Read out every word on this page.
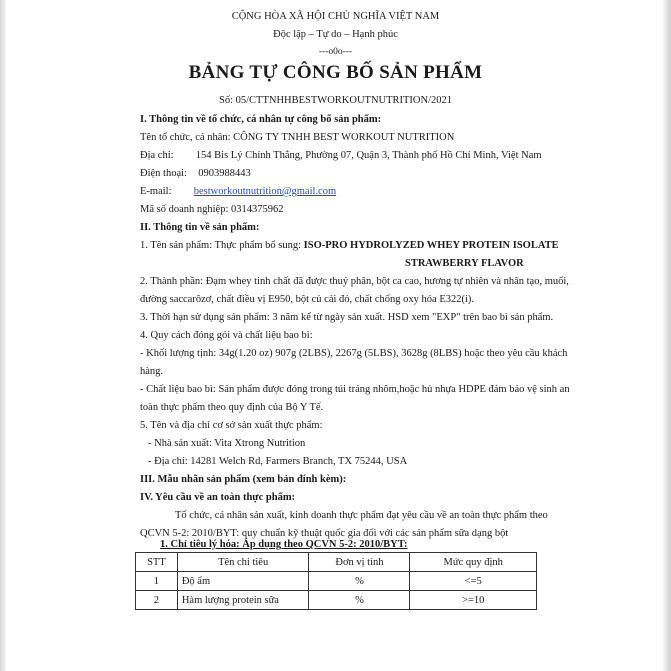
CỘNG HÒA XÃ HỘI CHỦ NGHĨA VIỆT NAM
Độc lập – Tự do – Hạnh phúc
---o0o---
BẢNG TỰ CÔNG BỐ SẢN PHẨM
Số: 05/CTTNHHBESTWORKOUTNUTRITION/2021
I. Thông tin về tổ chức, cá nhân tự công bố sản phẩm:
Tên tổ chức, cá nhân: CÔNG TY TNHH BEST WORKOUT NUTRITION
Địa chỉ: 154 Bis Lý Chính Thắng, Phường 07, Quận 3, Thành phố Hồ Chí Minh, Việt Nam
Điện thoại: 0903988443
E-mail: bestworkoutnutrition@gmail.com
Mã số doanh nghiệp: 0314375962
II. Thông tin về sản phẩm:
1. Tên sản phẩm: Thực phẩm bổ sung: ISO-PRO HYDROLYZED WHEY PROTEIN ISOLATE
STRAWBERRY FLAVOR
2. Thành phần: Đạm whey tinh chất đã được thuỷ phân, bột ca cao, hương tự nhiên và nhân tạo, muối,
đường saccarôzơ, chất điều vị E950, bột củ cải đỏ, chất chống oxy hóa E322(i).
3. Thời hạn sử dụng sản phẩm: 3 năm kể từ ngày sản xuất. HSD xem "EXP" trên bao bì sản phẩm.
4. Quy cách đóng gói và chất liệu bao bì:
- Khối lượng tịnh: 34g(1.20 oz) 907g (2LBS), 2267g (5LBS), 3628g (8LBS) hoặc theo yêu cầu khách
hàng.
- Chất liệu bao bì: Sản phẩm được đóng trong túi tráng nhôm,hoặc hủ nhựa HDPE đảm bảo vệ sinh an
toàn thực phẩm theo quy định của Bộ Y Tế.
5. Tên và địa chỉ cơ sở sản xuất thực phẩm:
- Nhà sản xuất: Vita Xtrong Nutrition
- Địa chỉ: 14281 Welch Rd, Farmers Branch, TX 75244, USA
III. Mẫu nhãn sản phẩm (xem bản đính kèm):
IV. Yêu cầu về an toàn thực phẩm:
Tổ chức, cá nhân sản xuất, kinh doanh thực phẩm đạt yêu cầu về an toàn thực phẩm theo
QCVN 5-2: 2010/BYT: quy chuẩn kỹ thuật quốc gia đối với các sản phẩm sữa dạng bột
1. Chỉ tiêu lý hóa: Áp dụng theo QCVN 5-2: 2010/BYT:
STT	Tên chỉ tiêu	Đơn vị tính	Mức quy định
1	Độ ẩm	%	<=5
2	Hàm lượng protein sữa	%	>=10
